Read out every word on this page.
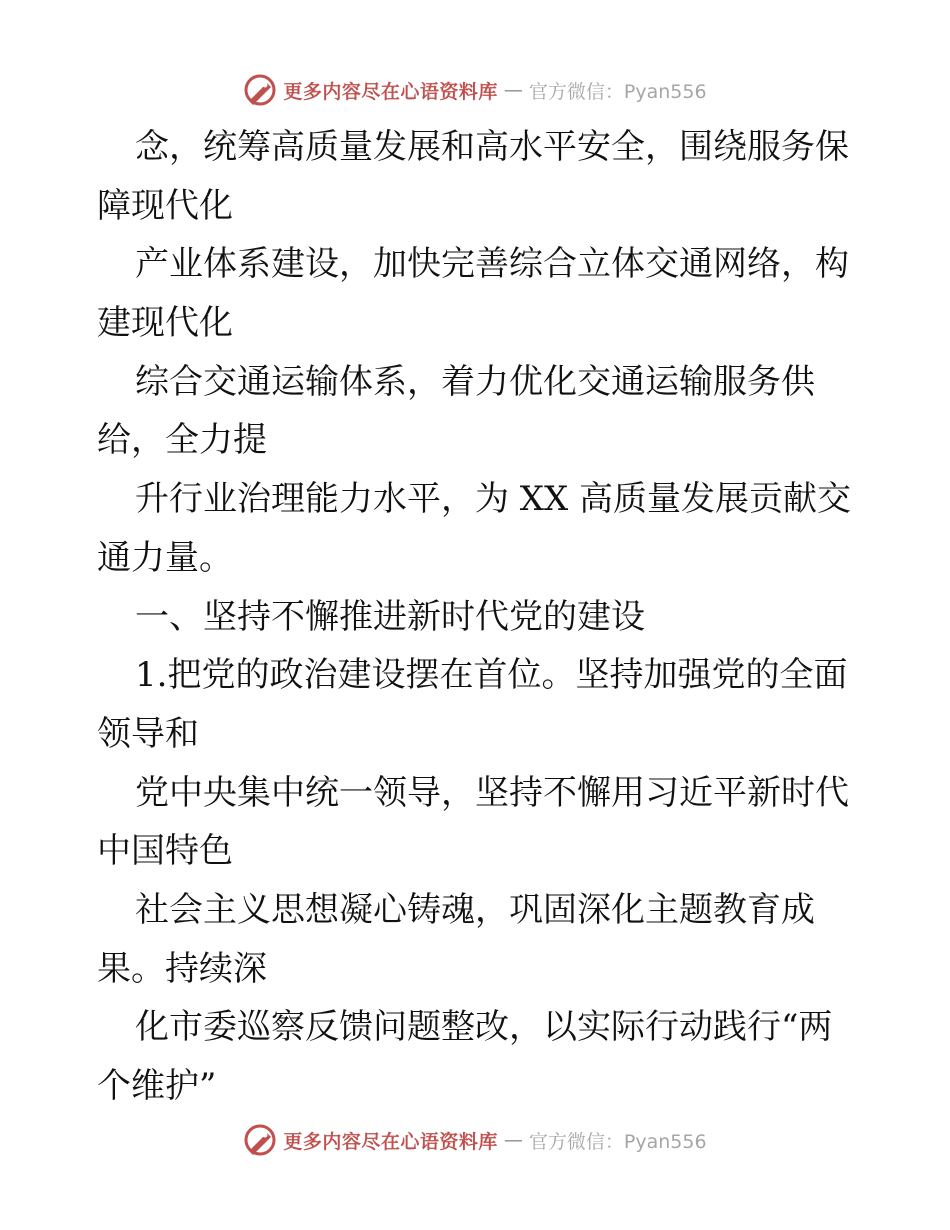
更多内容尽在心语资料库 — 官方微信：Pyan556
念，统筹高质量发展和高水平安全，围绕服务保
障现代化
产业体系建设，加快完善综合立体交通网络，构
建现代化
综合交通运输体系，着力优化交通运输服务供
给，全力提
升行业治理能力水平，为 XX 高质量发展贡献交
通力量。
一、坚持不懈推进新时代党的建设
1.把党的政治建设摆在首位。坚持加强党的全面
领导和
党中央集中统一领导，坚持不懈用习近平新时代
中国特色
社会主义思想凝心铸魂，巩固深化主题教育成
果。持续深
化市委巡察反馈问题整改，以实际行动践行“两
个维护”
更多内容尽在心语资料库 — 官方微信：Pyan556
